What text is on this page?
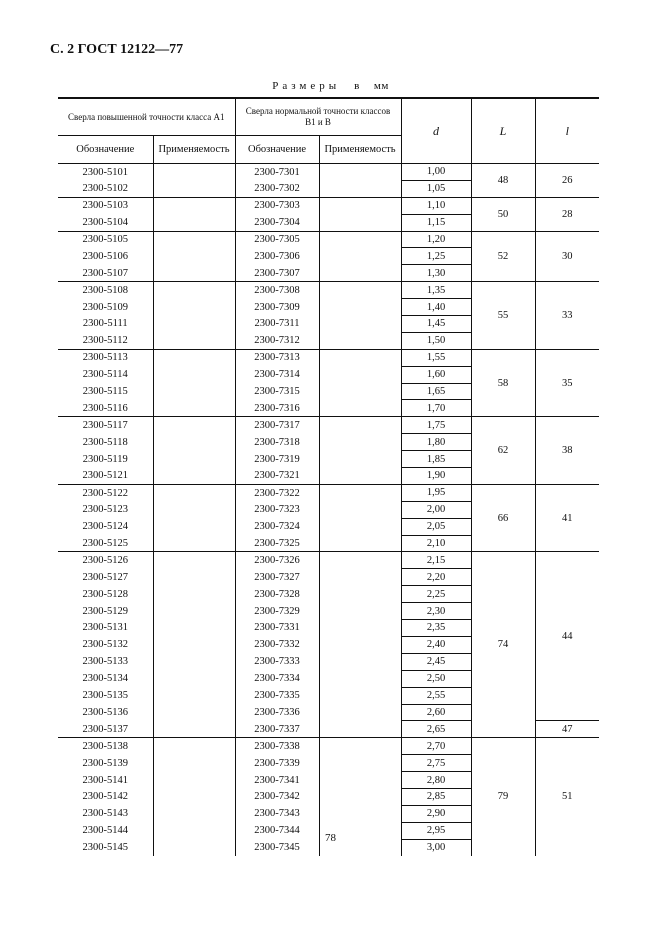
С. 2 ГОСТ 12122—77
Размеры в мм
Сверла повышенной точности класса A1		Сверла нормальной точности классов B1 и B		d	L	l
Обозначение	Применяемость	Обозначение	Применяемость			
2300-5101		2300-7301		1,00	48	26
2300-5102		2300-7302		1,05		
2300-5103		2300-7303		1,10	50	28
2300-5104		2300-7304		1,15		
2300-5105		2300-7305		1,20	52	30
2300-5106		2300-7306		1,25		
2300-5107		2300-7307		1,30		
2300-5108		2300-7308		1,35	55	33
2300-5109		2300-7309		1,40		
2300-5111		2300-7311		1,45		
2300-5112		2300-7312		1,50		
2300-5113		2300-7313		1,55	58	35
2300-5114		2300-7314		1,60		
2300-5115		2300-7315		1,65		
2300-5116		2300-7316		1,70		
2300-5117		2300-7317		1,75	62	38
2300-5118		2300-7318		1,80		
2300-5119		2300-7319		1,85		
2300-5121		2300-7321		1,90		
2300-5122		2300-7322		1,95	66	41
2300-5123		2300-7323		2,00		
2300-5124		2300-7324		2,05		
2300-5125		2300-7325		2,10		
2300-5126		2300-7326		2,15	74	44
2300-5127		2300-7327		2,20		
2300-5128		2300-7328		2,25		
2300-5129		2300-7329		2,30		
2300-5131		2300-7331		2,35		
2300-5132		2300-7332		2,40		
2300-5133		2300-7333		2,45		
2300-5134		2300-7334		2,50		
2300-5135		2300-7335		2,55		
2300-5136		2300-7336		2,60		
2300-5137		2300-7337		2,65		47
2300-5138		2300-7338		2,70	79	51
2300-5139		2300-7339		2,75		
2300-5141		2300-7341		2,80		
2300-5142		2300-7342		2,85		
2300-5143		2300-7343		2,90		
2300-5144		2300-7344		2,95		
2300-5145		2300-7345		3,00		
78
